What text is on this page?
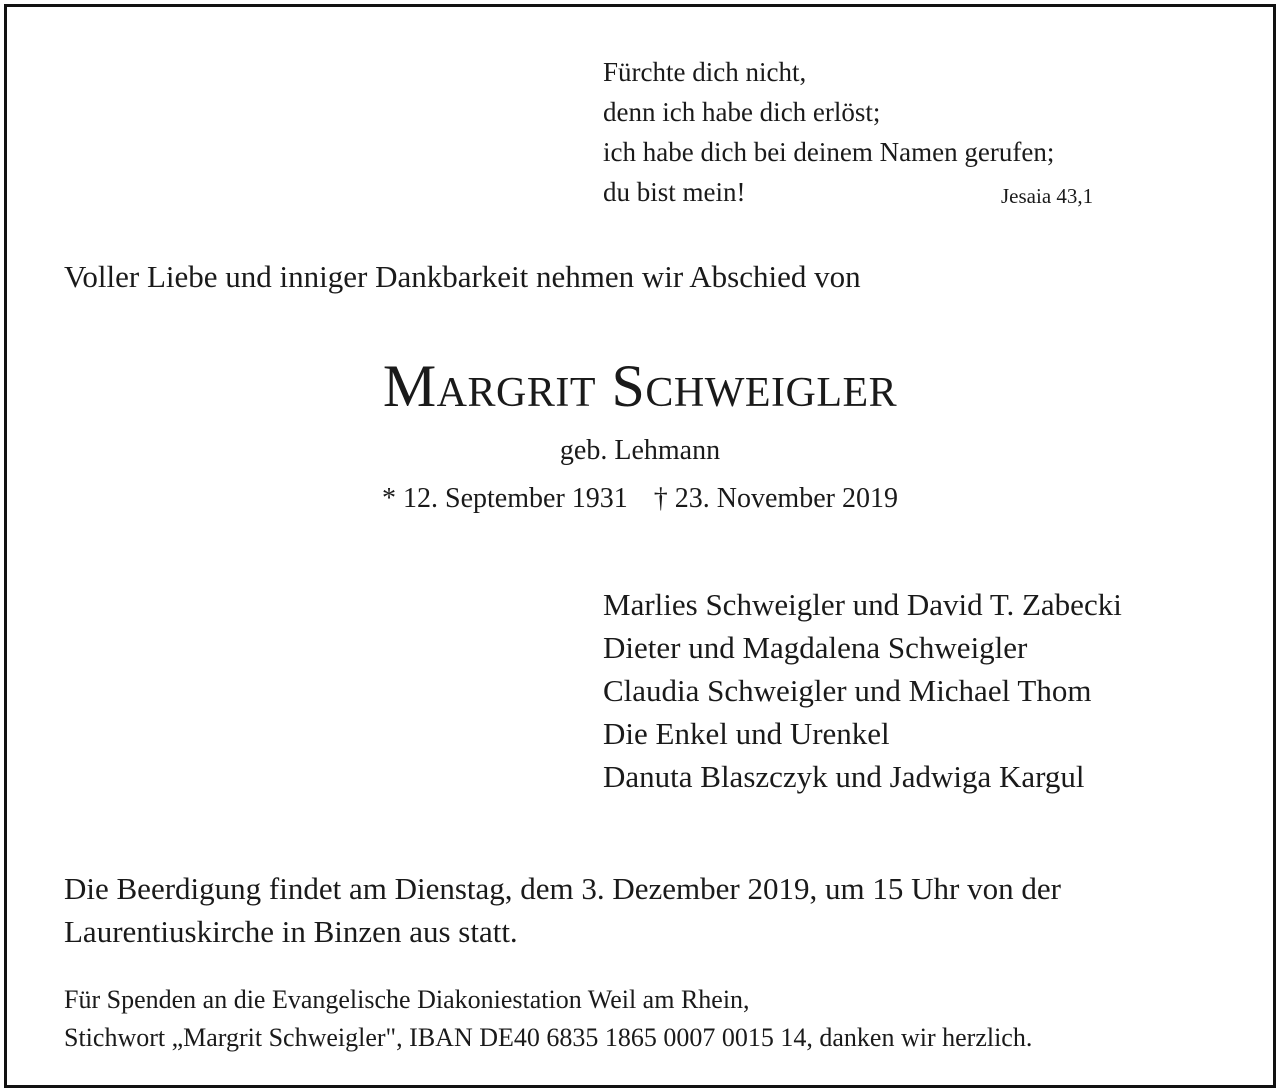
Fürchte dich nicht,
denn ich habe dich erlöst;
ich habe dich bei deinem Namen gerufen;
du bist mein!	Jesaia 43,1
Voller Liebe und inniger Dankbarkeit nehmen wir Abschied von
Margrit Schweigler
geb. Lehmann
* 12. September 1931 † 23. November 2019
Marlies Schweigler und David T. Zabecki
Dieter und Magdalena Schweigler
Claudia Schweigler und Michael Thom
Die Enkel und Urenkel
Danuta Blaszczyk und Jadwiga Kargul
Die Beerdigung findet am Dienstag, dem 3. Dezember 2019, um 15 Uhr von der
Laurentiuskirche in Binzen aus statt.
Für Spenden an die Evangelische Diakoniestation Weil am Rhein,
Stichwort „Margrit Schweigler", IBAN DE40 6835 1865 0007 0015 14, danken wir herzlich.
